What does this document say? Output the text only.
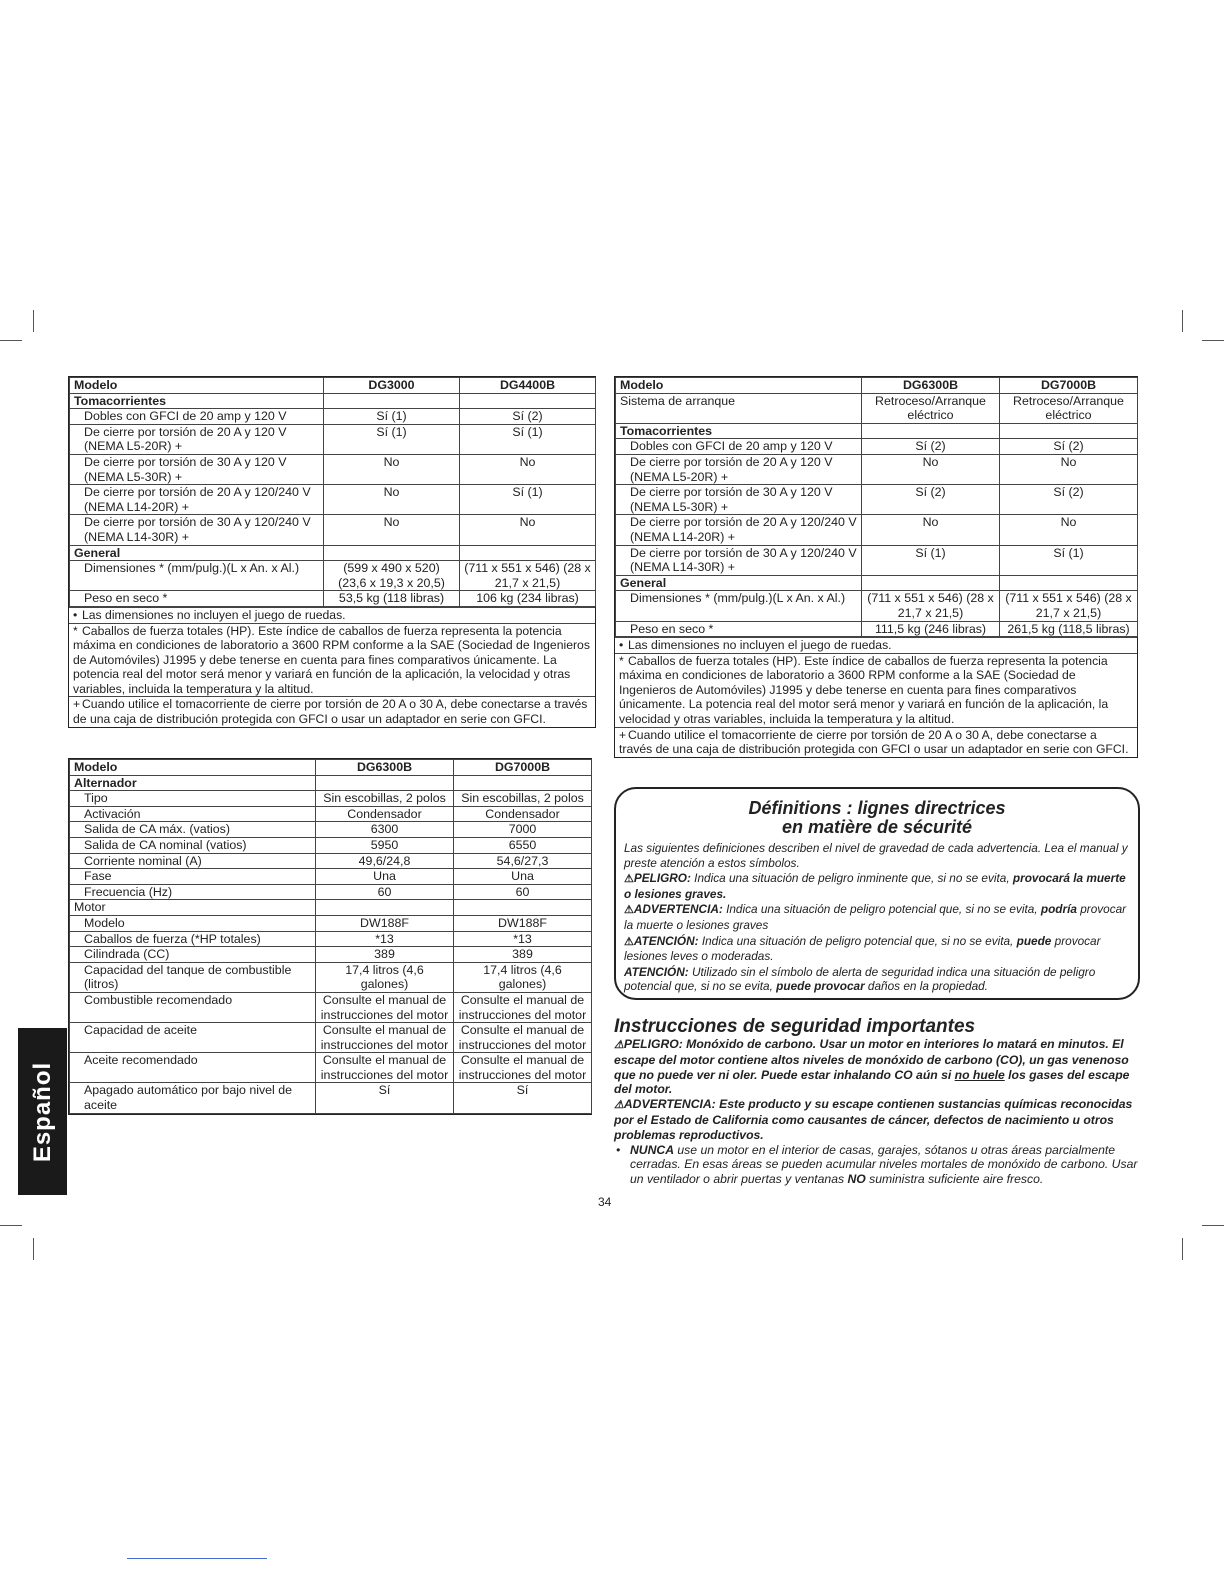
Modelo	DG3000	DG4400B
Tomacorrientes		
Dobles con GFCI de 20 amp y 120 V	Sí (1)	Sí (2)
De cierre por torsión de 20 A y 120 V (NEMA L5-20R) +	Sí (1)	Sí (1)
De cierre por torsión de 30 A y 120 V (NEMA L5-30R) +	No	No
De cierre por torsión de 20 A y 120/240 V (NEMA L14-20R) +	No	Sí (1)
De cierre por torsión de 30 A y 120/240 V (NEMA L14-30R) +	No	No
General		
Dimensiones * (mm/pulg.)(L x An. x Al.)	(599 x 490 x 520) (23,6 x 19,3 x 20,5)	(711 x 551 x 546) (28 x 21,7 x 21,5)
Peso en seco *	53,5 kg (118 libras)	106 kg (234 libras)
• Las dimensiones no incluyen el juego de ruedas.
* Caballos de fuerza totales (HP). Este índice de caballos de fuerza representa la potencia máxima en condiciones de laboratorio a 3600 RPM conforme a la SAE (Sociedad de Ingenieros de Automóviles) J1995 y debe tenerse en cuenta para fines comparativos únicamente. La potencia real del motor será menor y variará en función de la aplicación, la velocidad y otras variables, incluida la temperatura y la altitud.
+ Cuando utilice el tomacorriente de cierre por torsión de 20 A o 30 A, debe conectarse a través de una caja de distribución protegida con GFCI o usar un adaptador en serie con GFCI.
Modelo	DG6300B	DG7000B
Alternador		
Tipo	Sin escobillas, 2 polos	Sin escobillas, 2 polos
Activación	Condensador	Condensador
Salida de CA máx. (vatios)	6300	7000
Salida de CA nominal (vatios)	5950	6550
Corriente nominal (A)	49,6/24,8	54,6/27,3
Fase	Una	Una
Frecuencia (Hz)	60	60
Motor		
Modelo	DW188F	DW188F
Caballos de fuerza (*HP totales)	*13	*13
Cilindrada (CC)	389	389
Capacidad del tanque de combustible (litros)	17,4 litros (4,6 galones)	17,4 litros (4,6 galones)
Combustible recomendado	Consulte el manual de instrucciones del motor	Consulte el manual de instrucciones del motor
Capacidad de aceite	Consulte el manual de instrucciones del motor	Consulte el manual de instrucciones del motor
Aceite recomendado	Consulte el manual de instrucciones del motor	Consulte el manual de instrucciones del motor
Apagado automático por bajo nivel de aceite	Sí	Sí
Modelo	DG6300B	DG7000B
Sistema de arranque	Retroceso/Arranque eléctrico	Retroceso/Arranque eléctrico
Tomacorrientes		
Dobles con GFCI de 20 amp y 120 V	Sí (2)	Sí (2)
De cierre por torsión de 20 A y 120 V (NEMA L5-20R) +	No	No
De cierre por torsión de 30 A y 120 V (NEMA L5-30R) +	Sí (2)	Sí (2)
De cierre por torsión de 20 A y 120/240 V (NEMA L14-20R) +	No	No
De cierre por torsión de 30 A y 120/240 V (NEMA L14-30R) +	Sí (1)	Sí (1)
General		
Dimensiones * (mm/pulg.)(L x An. x Al.)	(711 x 551 x 546) (28 x 21,7 x 21,5)	(711 x 551 x 546) (28 x 21,7 x 21,5)
Peso en seco *	111,5 kg (246 libras)	261,5 kg (118,5 libras)
• Las dimensiones no incluyen el juego de ruedas.
* Caballos de fuerza totales (HP). Este índice de caballos de fuerza representa la potencia máxima en condiciones de laboratorio a 3600 RPM conforme a la SAE (Sociedad de Ingenieros de Automóviles) J1995 y debe tenerse en cuenta para fines comparativos únicamente. La potencia real del motor será menor y variará en función de la aplicación, la velocidad y otras variables, incluida la temperatura y la altitud.
+ Cuando utilice el tomacorriente de cierre por torsión de 20 A o 30 A, debe conectarse a través de una caja de distribución protegida con GFCI o usar un adaptador en serie con GFCI.
Español
Définitions : lignes directrices
en matière de sécurité

Las siguientes definiciones describen el nivel de gravedad de cada advertencia. Lea el manual y preste atención a estos símbolos.

⚠PELIGRO: Indica una situación de peligro inminente que, si no se evita, provocará la muerte o lesiones graves.

⚠ADVERTENCIA: Indica una situación de peligro potencial que, si no se evita, podría provocar la muerte o lesiones graves

⚠ATENCIÓN: Indica una situación de peligro potencial que, si no se evita, puede provocar lesiones leves o moderadas.

ATENCIÓN: Utilizado sin el símbolo de alerta de seguridad indica una situación de peligro potencial que, si no se evita, puede provocar daños en la propiedad.

Instrucciones de seguridad importantes

⚠PELIGRO: Monóxido de carbono. Usar un motor en interiores lo matará en minutos. El escape del motor contiene altos niveles de monóxido de carbono (CO), un gas venenoso que no puede ver ni oler. Puede estar inhalando CO aún si no huele los gases del escape del motor.

⚠ADVERTENCIA: Este producto y su escape contienen sustancias químicas reconocidas por el Estado de California como causantes de cáncer, defectos de nacimiento u otros problemas reproductivos.

• NUNCA use un motor en el interior de casas, garajes, sótanos u otras áreas parcialmente cerradas. En esas áreas se pueden acumular niveles mortales de monóxido de carbono. Usar un ventilador o abrir puertas y ventanas NO suministra suficiente aire fresco.

34
